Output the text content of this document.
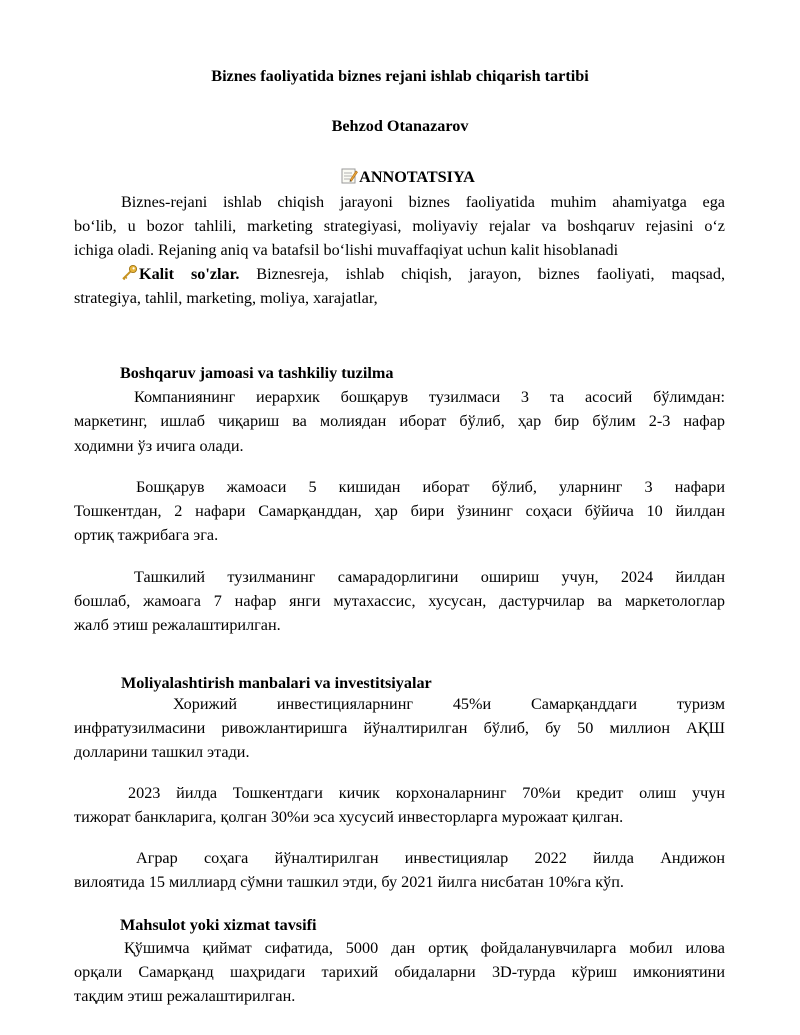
Biznes faoliyatida biznes rejani ishlab chiqarish tartibi
Behzod Otanazarov
ANNOTATSIYA
Biznes-rejani ishlab chiqish jarayoni biznes faoliyatida muhim ahamiyatga ega
bo‘lib, u bozor tahlili, marketing strategiyasi, moliyaviy rejalar va boshqaruv rejasini o‘z
ichiga oladi. Rejaning aniq va batafsil bo‘lishi muvaffaqiyat uchun kalit hisoblanadi
Kalit so'zlar. Biznesreja, ishlab chiqish, jarayon, biznes faoliyati, maqsad,
strategiya, tahlil, marketing, moliya, xarajatlar,
Boshqaruv jamoasi va tashkiliy tuzilma
Компаниянинг иерархик бошқарув тузилмаси 3 та асосий бўлимдан:
маркетинг, ишлаб чиқариш ва молиядан иборат бўлиб, ҳар бир бўлим 2-3 нафар
ходимни ўз ичига олади.
Бошқарув жамоаси 5 кишидан иборат бўлиб, уларнинг 3 нафари
Тошкентдан, 2 нафари Самарқанддан, ҳар бири ўзининг соҳаси бўйича 10 йилдан
ортиқ тажрибага эга.
Ташкилий тузилманинг самарадорлигини ошириш учун, 2024 йилдан
бошлаб, жамоага 7 нафар янги мутахассис, хусусан, дастурчилар ва маркетологлар
жалб этиш режалаштирилган.
Moliyalashtirish manbalari va investitsiyalar
Хорижий инвестицияларнинг 45%и Самарқанддаги туризм
инфратузилмасини ривожлантиришга йўналтирилган бўлиб, бу 50 миллион АҚШ
долларини ташкил этади.
2023 йилда Тошкентдаги кичик корхоналарнинг 70%и кредит олиш учун
тижорат банкларига, қолган 30%и эса хусусий инвесторларга мурожаат қилган.
Аграр соҳага йўналтирилган инвестициялар 2022 йилда Андижон
вилоятида 15 миллиард сўмни ташкил этди, бу 2021 йилга нисбатан 10%га кўп.
Mahsulot yoki xizmat tavsifi
Қўшимча қиймат сифатида, 5000 дан ортиқ фойдаланувчиларга мобил илова
орқали Самарқанд шаҳридаги тарихий обидаларни 3D-турда кўриш имкониятини
тақдим этиш режалаштирилган.
